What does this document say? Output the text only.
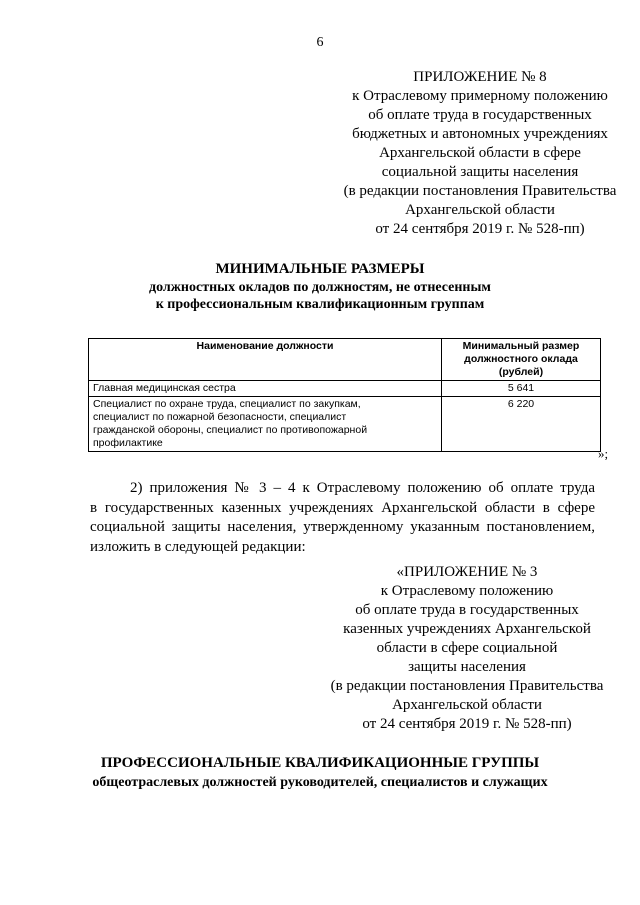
6
ПРИЛОЖЕНИЕ № 8
к Отраслевому примерному положению
об оплате труда в государственных
бюджетных и автономных учреждениях
Архангельской области в сфере
социальной защиты населения
(в редакции постановления Правительства
Архангельской области
от 24 сентября 2019 г. № 528-пп)
МИНИМАЛЬНЫЕ РАЗМЕРЫ
должностных окладов по должностям, не отнесенным
к профессиональным квалификационным группам
Наименование должности	Минимальный размер должностного оклада (рублей)

Главная медицинская сестра	5 641

Специалист по охране труда, специалист по закупкам,
специалист по пожарной безопасности, специалист
гражданской обороны, специалист по противопожарной
профилактике	6 220
»;
2) приложения № 3 – 4 к Отраслевому положению об оплате труда
в государственных казенных учреждениях Архангельской области в сфере
социальной защиты населения, утвержденному указанным постановлением,
изложить в следующей редакции:
«ПРИЛОЖЕНИЕ № 3
к Отраслевому положению
об оплате труда в государственных
казенных учреждениях Архангельской
области в сфере социальной
защиты населения
(в редакции постановления Правительства
Архангельской области
от 24 сентября 2019 г. № 528-пп)
ПРОФЕССИОНАЛЬНЫЕ КВАЛИФИКАЦИОННЫЕ ГРУППЫ
общеотраслевых должностей руководителей, специалистов и служащих
